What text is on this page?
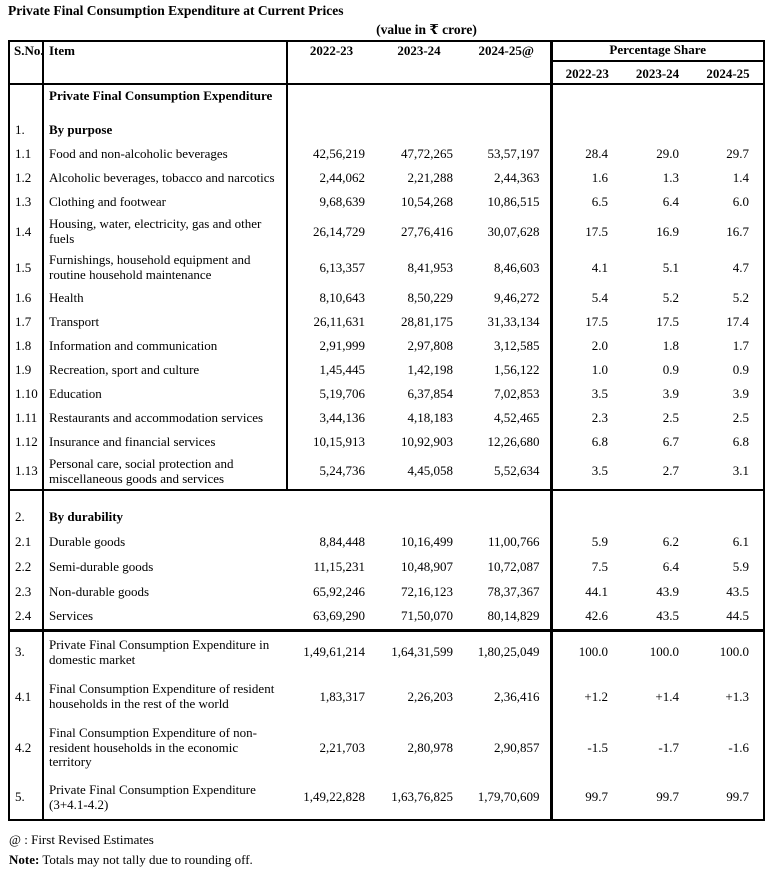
Private Final Consumption Expenditure at Current Prices
(value in ₹ crore)
S.No.	Item	2022-23	2023-24	2024-25@	Percentage Share		
					2022-23	2023-24	2024-25
	Private Final Consumption Expenditure						

1.	By purpose						
1.1	Food and non-alcoholic beverages	42,56,219	47,72,265	53,57,197	28.4	29.0	29.7
1.2	Alcoholic beverages, tobacco and narcotics	2,44,062	2,21,288	2,44,363	1.6	1.3	1.4
1.3	Clothing and footwear	9,68,639	10,54,268	10,86,515	6.5	6.4	6.0
1.4	Housing, water, electricity, gas and other fuels	26,14,729	27,76,416	30,07,628	17.5	16.9	16.7
1.5	Furnishings, household equipment and routine household maintenance	6,13,357	8,41,953	8,46,603	4.1	5.1	4.7
1.6	Health	8,10,643	8,50,229	9,46,272	5.4	5.2	5.2
1.7	Transport	26,11,631	28,81,175	31,33,134	17.5	17.5	17.4
1.8	Information and communication	2,91,999	2,97,808	3,12,585	2.0	1.8	1.7
1.9	Recreation, sport and culture	1,45,445	1,42,198	1,56,122	1.0	0.9	0.9
1.10	Education	5,19,706	6,37,854	7,02,853	3.5	3.9	3.9
1.11	Restaurants and accommodation services	3,44,136	4,18,183	4,52,465	2.3	2.5	2.5
1.12	Insurance and financial services	10,15,913	10,92,903	12,26,680	6.8	6.7	6.8
1.13	Personal care, social protection and miscellaneous goods and services	5,24,736	4,45,058	5,52,634	3.5	2.7	3.1

2.	By durability						
2.1	Durable goods	8,84,448	10,16,499	11,00,766	5.9	6.2	6.1
2.2	Semi-durable goods	11,15,231	10,48,907	10,72,087	7.5	6.4	5.9
2.3	Non-durable goods	65,92,246	72,16,123	78,37,367	44.1	43.9	43.5
2.4	Services	63,69,290	71,50,070	80,14,829	42.6	43.5	44.5
3.	Private Final Consumption Expenditure in domestic market	1,49,61,214	1,64,31,599	1,80,25,049	100.0	100.0	100.0
4.1	Final Consumption Expenditure of resident households in the rest of the world	1,83,317	2,26,203	2,36,416	+1.2	+1.4	+1.3
4.2	Final Consumption Expenditure of non-resident households in the economic territory	2,21,703	2,80,978	2,90,857	-1.5	-1.7	-1.6
5.	Private Final Consumption Expenditure (3+4.1-4.2)	1,49,22,828	1,63,76,825	1,79,70,609	99.7	99.7	99.7
@ : First Revised Estimates
Note: Totals may not tally due to rounding off.
